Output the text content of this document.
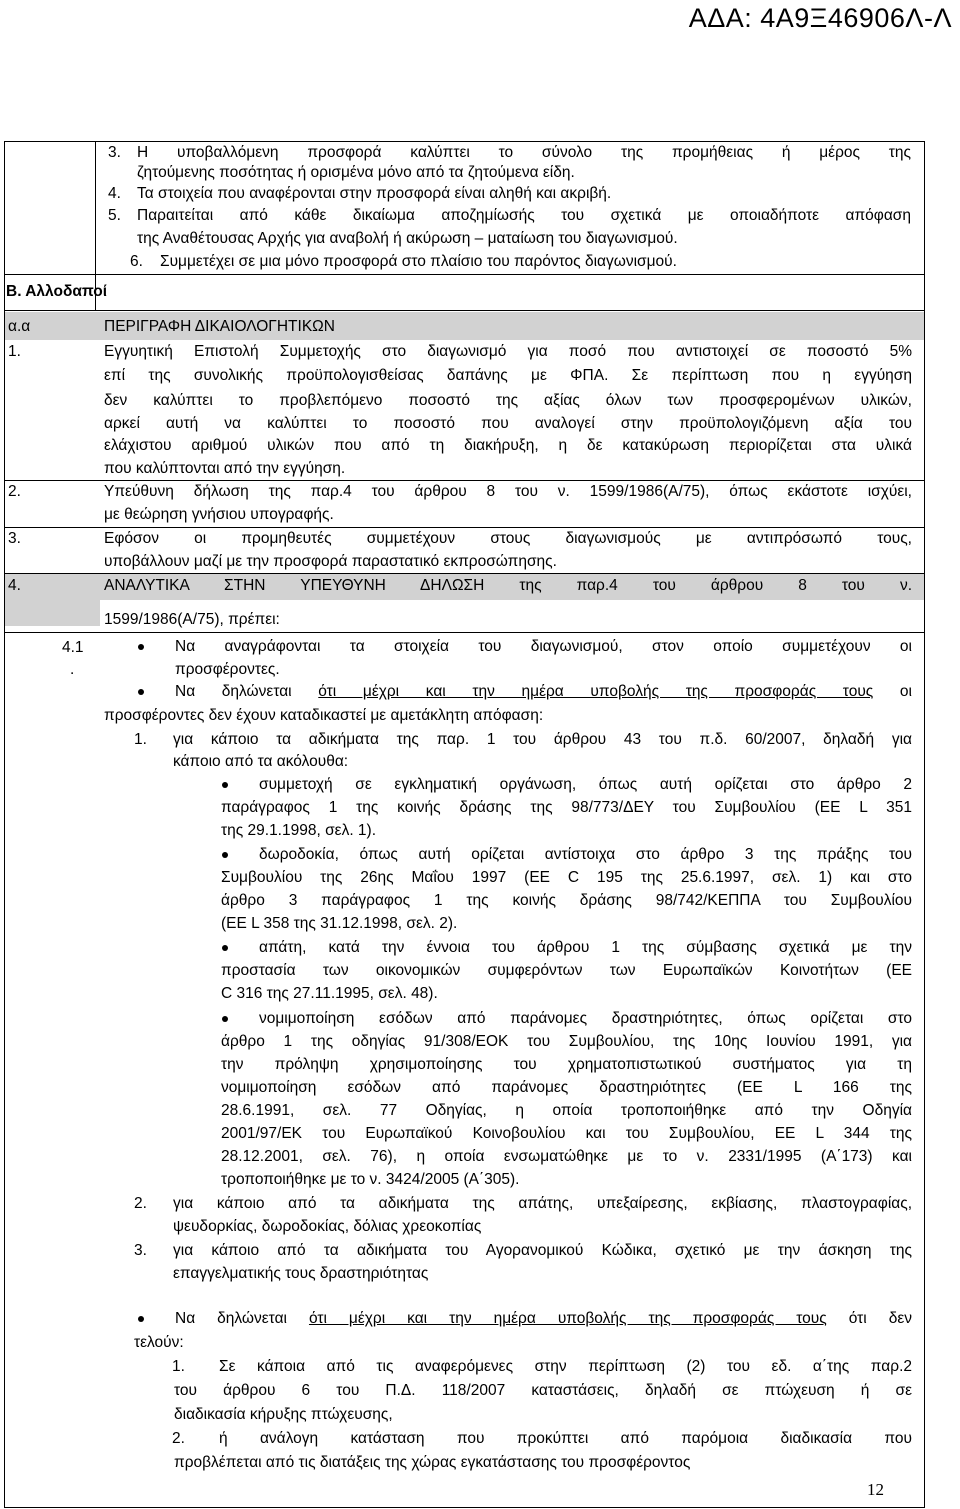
ΑΔΑ: 4Α9Ξ46906Λ-Λ
3. Η υποβαλλόμενη προσφορά καλύπτει το σύνολο της προμήθειας ή μέρος της
ζητούμενης ποσότητας ή ορισμένα μόνο από τα ζητούμενα είδη.
4. Τα στοιχεία που αναφέρονται στην προσφορά είναι αληθή και ακριβή.
5. Παραιτείται από κάθε δικαίωμα αποζημίωσής του σχετικά με οποιαδήποτε απόφαση
της Αναθέτουσας Αρχής για αναβολή ή ακύρωση – ματαίωση του διαγωνισμού.
6. Συμμετέχει σε μια μόνο προσφορά στο πλαίσιο του παρόντος διαγωνισμού.
Β. Αλλοδαποί
α.α	ΠΕΡΙΓΡΑΦΗ ΔΙΚΑΙΟΛΟΓΗΤΙΚΩΝ
1.	Εγγυητική Επιστολή Συμμετοχής στο διαγωνισμό για ποσό που αντιστοιχεί σε ποσοστό 5%
επί της συνολικής προϋπολογισθείσας δαπάνης με ΦΠΑ. Σε περίπτωση που η εγγύηση
δεν καλύπτει το προβλεπόμενο ποσοστό της αξίας όλων των προσφερομένων υλικών,
αρκεί αυτή να καλύπτει το ποσοστό που αναλογεί στην προϋπολογιζόμενη αξία του
ελάχιστου αριθμού υλικών που από τη διακήρυξη, η δε κατακύρωση περιορίζεται στα υλικά
που καλύπτονται από την εγγύηση.
2.	Υπεύθυνη δήλωση της παρ.4 του άρθρου 8 του ν. 1599/1986(Α/75), όπως εκάστοτε ισχύει,
με θεώρηση γνήσιου υπογραφής.
3.	Εφόσον οι προμηθευτές συμμετέχουν στους διαγωνισμούς με αντιπρόσωπό τους,
υποβάλλουν μαζί με την προσφορά παραστατικό εκπροσώπησης.
4.	ΑΝΑΛΥΤΙΚΑ ΣΤΗΝ ΥΠΕΥΘΥΝΗ ΔΗΛΩΣΗ της παρ.4 του άρθρου 8 του ν.
1599/1986(Α/75), πρέπει:
4.1
.
Να αναγράφονται τα στοιχεία του διαγωνισμού, στον οποίο συμμετέχουν οι
προσφέροντες.
Να δηλώνεται ότι μέχρι και την ημέρα υποβολής της προσφοράς τους οι
προσφέροντες δεν έχουν καταδικαστεί με αμετάκλητη απόφαση:
1. για κάποιο τα αδικήματα της παρ. 1 του άρθρου 43 του π.δ. 60/2007, δηλαδή για
κάποιο από τα ακόλουθα:
συμμετοχή σε εγκληματική οργάνωση, όπως αυτή ορίζεται στο άρθρο 2
παράγραφος 1 της κοινής δράσης της 98/773/ΔΕΥ του Συμβουλίου (ΕΕ L 351
της 29.1.1998, σελ. 1).
δωροδοκία, όπως αυτή ορίζεται αντίστοιχα στο άρθρο 3 της πράξης του
Συμβουλίου της 26ης Μαΐου 1997 (ΕΕ C 195 της 25.6.1997, σελ. 1) και στο
άρθρο 3 παράγραφος 1 της κοινής δράσης 98/742/ΚΕΠΠΑ του Συμβουλίου
(ΕΕ L 358 της 31.12.1998, σελ. 2).
απάτη, κατά την έννοια του άρθρου 1 της σύμβασης σχετικά με την
προστασία των οικονομικών συμφερόντων των Ευρωπαϊκών Κοινοτήτων (ΕΕ
C 316 της 27.11.1995, σελ. 48).
νομιμοποίηση εσόδων από παράνομες δραστηριότητες, όπως ορίζεται στο
άρθρο 1 της οδηγίας 91/308/ΕΟΚ του Συμβουλίου, της 10ης Ιουνίου 1991, για
την πρόληψη χρησιμοποίησης του χρηματοπιστωτικού συστήματος για τη
νομιμοποίηση εσόδων από παράνομες δραστηριότητες (ΕΕ L 166 της
28.6.1991, σελ. 77 Οδηγίας, η οποία τροποποιήθηκε από την Οδηγία
2001/97/ΕΚ του Ευρωπαϊκού Κοινοβουλίου και του Συμβουλίου, ΕΕ L 344 της
28.12.2001, σελ. 76), η οποία ενσωματώθηκε με το ν. 2331/1995 (Α΄173) και
τροποποιήθηκε με το ν. 3424/2005 (Α΄305).
2. για κάποιο από τα αδικήματα της απάτης, υπεξαίρεσης, εκβίασης, πλαστογραφίας,
ψευδορκίας, δωροδοκίας, δόλιας χρεοκοπίας
3. για κάποιο από τα αδικήματα του Αγορανομικού Κώδικα, σχετικό με την άσκηση της
επαγγελματικής τους δραστηριότητας
Να δηλώνεται ότι μέχρι και την ημέρα υποβολής της προσφοράς τους ότι δεν
τελούν:
1. Σε κάποια από τις αναφερόμενες στην περίπτωση (2) του εδ. α΄της παρ.2
του άρθρου 6 του Π.Δ. 118/2007 καταστάσεις, δηλαδή σε πτώχευση ή σε
διαδικασία κήρυξης πτώχευσης,
2. ή ανάλογη κατάσταση που προκύπτει από παρόμοια διαδικασία που
προβλέπεται από τις διατάξεις της χώρας εγκατάστασης του προσφέροντος
12
